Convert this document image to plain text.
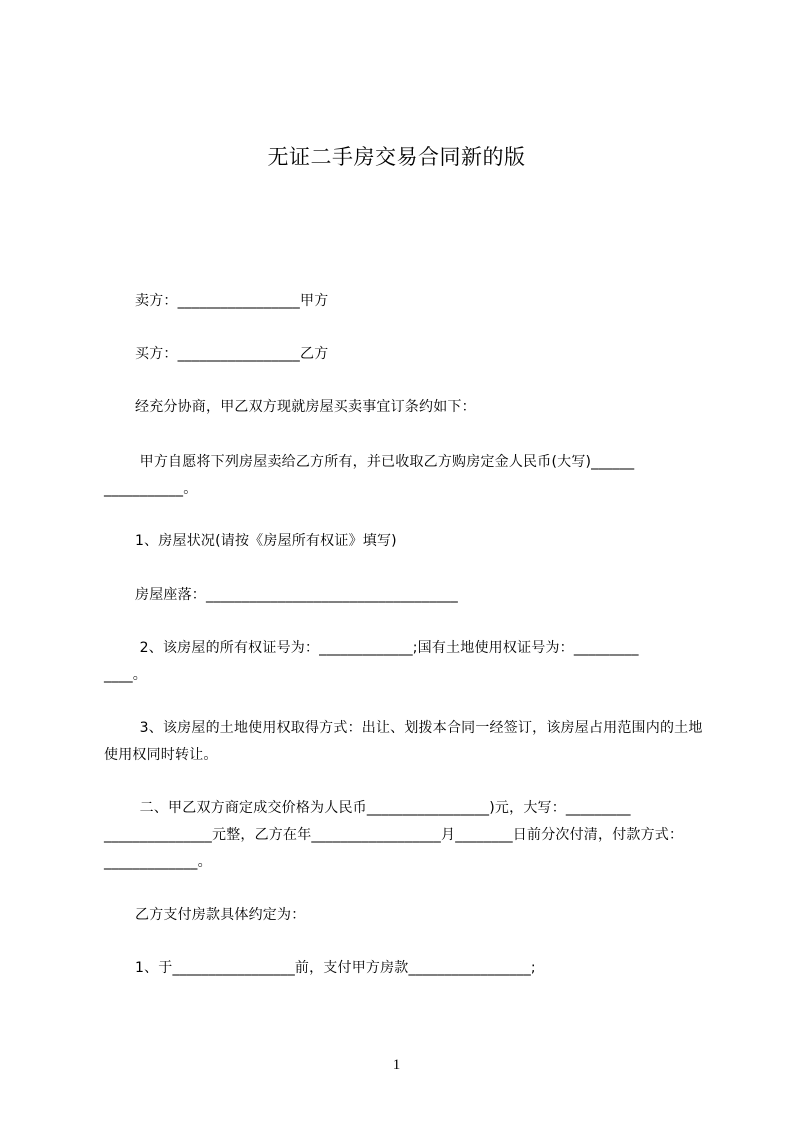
无证二手房交易合同新的版
卖方：_________________甲方
买方：_________________乙方
经充分协商，甲乙双方现就房屋买卖事宜订条约如下：
甲方自愿将下列房屋卖给乙方所有，并已收取乙方购房定金人民币(大写)______
___________。
1、房屋状况(请按《房屋所有权证》填写)
房屋座落：___________________________________
2、该房屋的所有权证号为：_____________;国有土地使用权证号为：_________
____。
3、该房屋的土地使用权取得方式：出让、划拨本合同一经签订，该房屋占用范围内的土地使用权同时转让。
二、甲乙双方商定成交价格为人民币_________________)元，大写：_________
_______________元整，乙方在年__________________月________日前分次付清，付款方式：_____________。
乙方支付房款具体约定为：
1、于_________________前，支付甲方房款_________________;
1
